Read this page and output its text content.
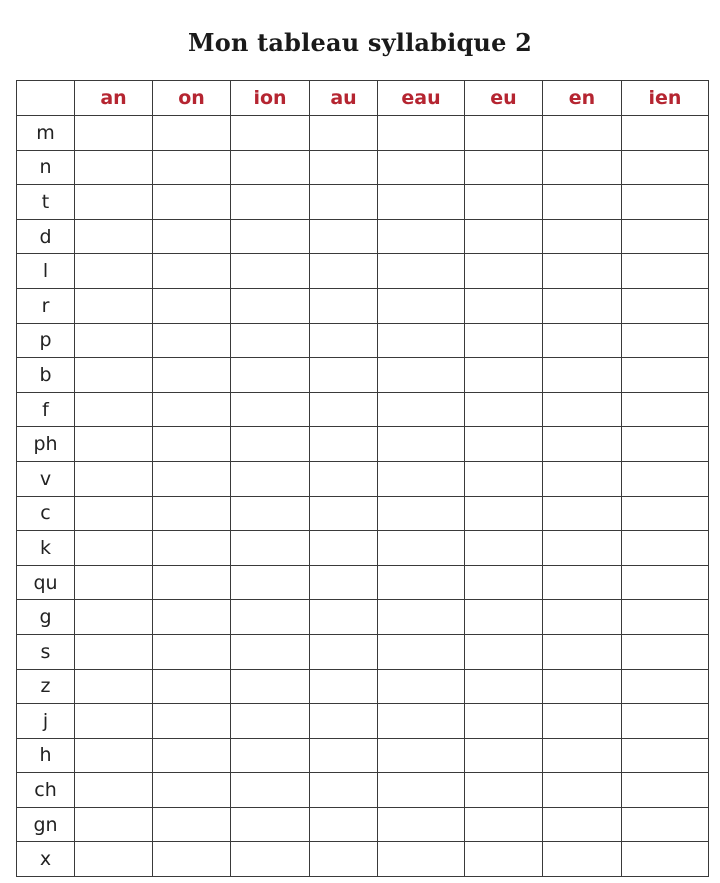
Mon tableau syllabique 2
	an	on	ion	au	eau	eu	en	ien
m								
n								
t								
d								
l								
r								
p								
b								
f								
ph								
v								
c								
k								
qu								
g								
s								
z								
j								
h								
ch								
gn								
x								
